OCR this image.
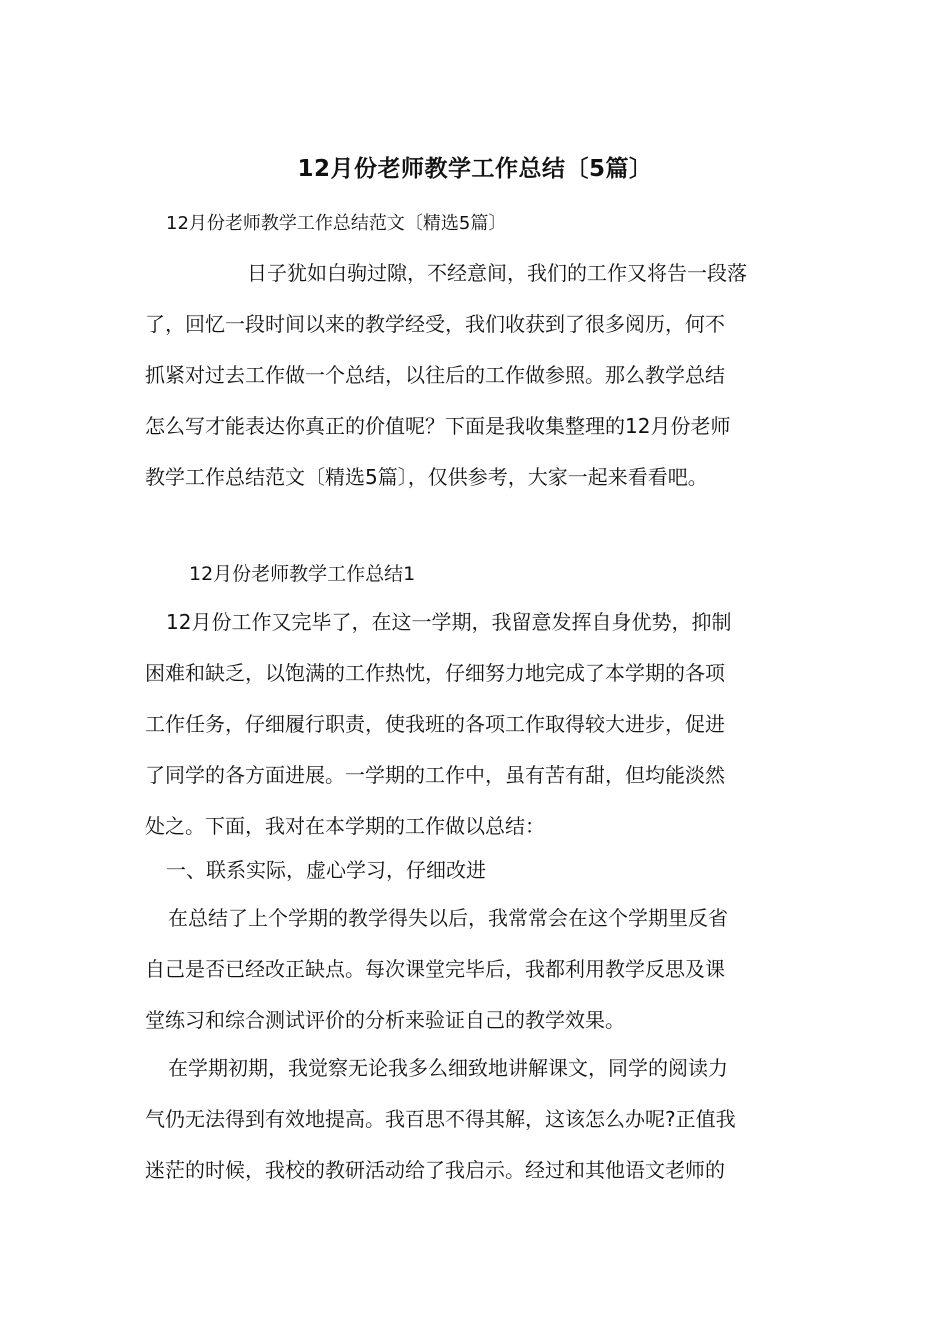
12月份老师教学工作总结〔5篇〕
12月份老师教学工作总结范文〔精选5篇〕
日子犹如白驹过隙，不经意间，我们的工作又将告一段落
了，回忆一段时间以来的教学经受，我们收获到了很多阅历，何不
抓紧对过去工作做一个总结，以往后的工作做参照。那么教学总结
怎么写才能表达你真正的价值呢？下面是我收集整理的12月份老师
教学工作总结范文〔精选5篇〕，仅供参考，大家一起来看看吧。
12月份老师教学工作总结1
12月份工作又完毕了，在这一学期，我留意发挥自身优势，抑制
困难和缺乏，以饱满的工作热忱，仔细努力地完成了本学期的各项
工作任务，仔细履行职责，使我班的各项工作取得较大进步，促进
了同学的各方面进展。一学期的工作中，虽有苦有甜，但均能淡然
处之。下面，我对在本学期的工作做以总结：
一、联系实际，虚心学习，仔细改进
在总结了上个学期的教学得失以后，我常常会在这个学期里反省
自己是否已经改正缺点。每次课堂完毕后，我都利用教学反思及课
堂练习和综合测试评价的分析来验证自己的教学效果。
在学期初期，我觉察无论我多么细致地讲解课文，同学的阅读力
气仍无法得到有效地提高。我百思不得其解，这该怎么办呢?正值我
迷茫的时候，我校的教研活动给了我启示。经过和其他语文老师的
